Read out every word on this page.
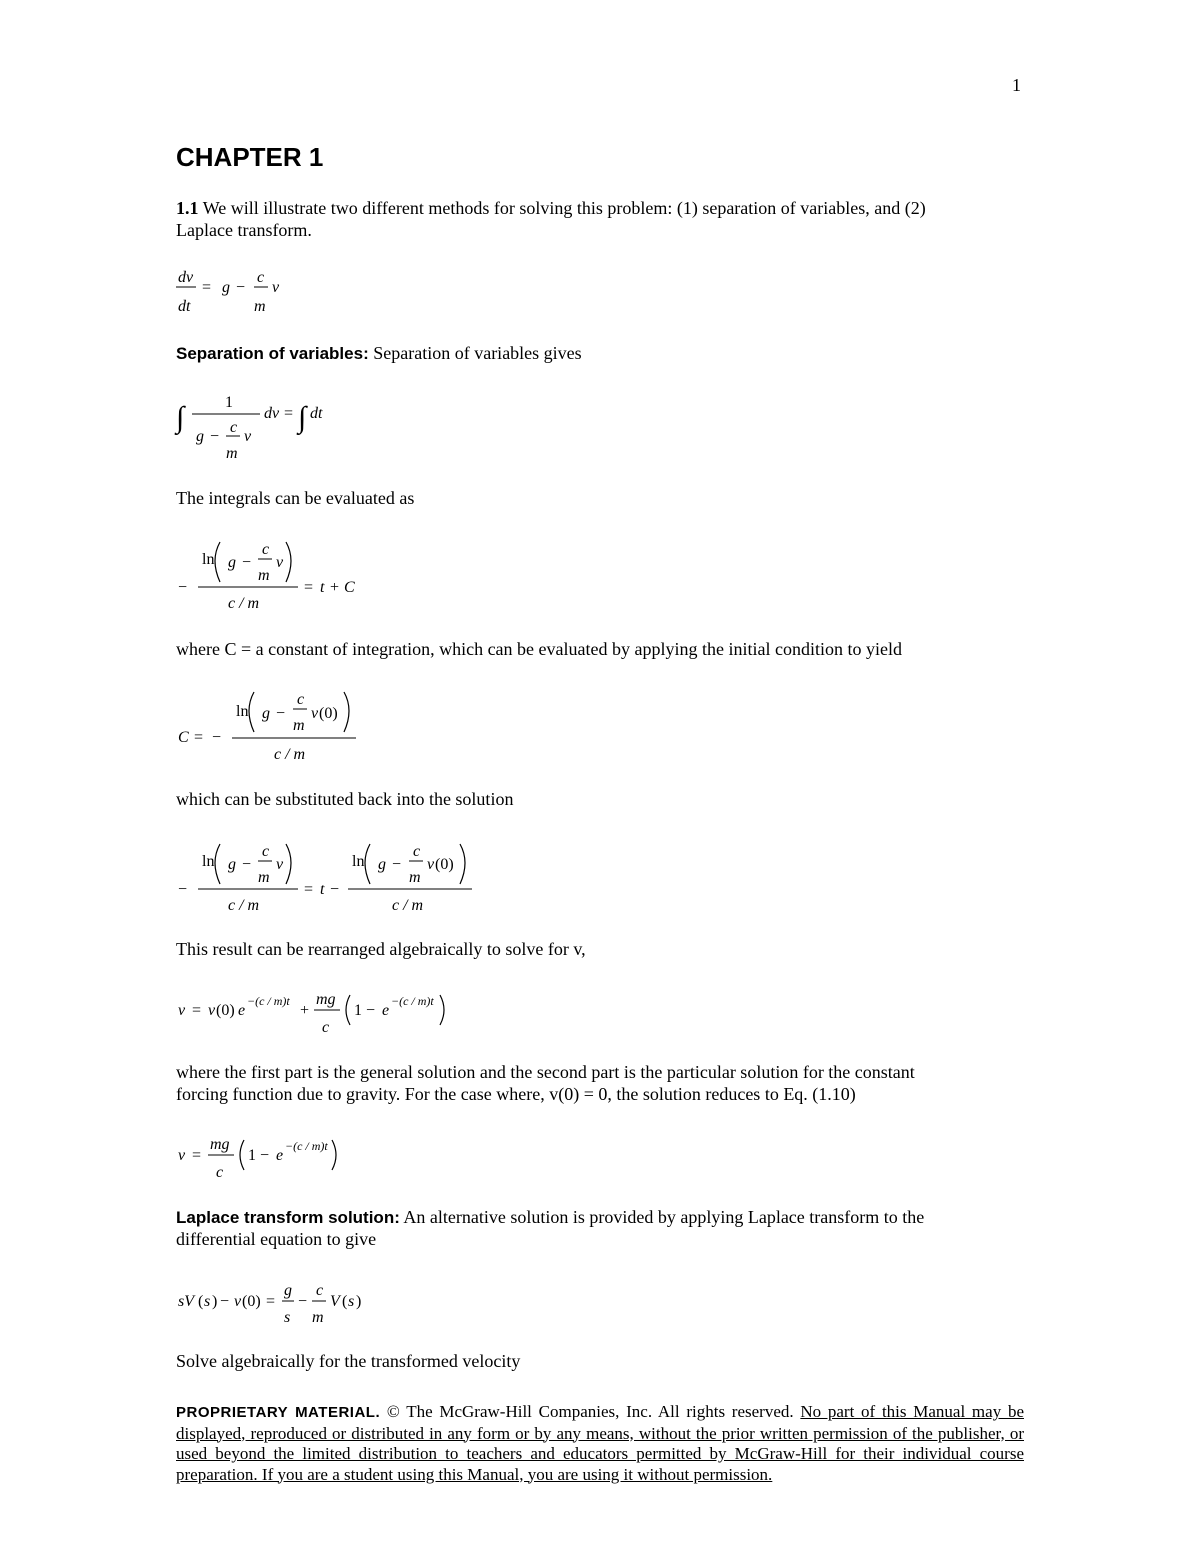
1
CHAPTER 1
1.1 We will illustrate two different methods for solving this problem: (1) separation of variables, and (2)
Laplace transform.
dv
dt
= g −
c
m
v
Separation of variables: Separation of variables gives
∫	1
g −
c
m
v
dv = ∫ dt
The integrals can be evaluated as
−
ln g −
c
m
v
c / m
= t + C
where C = a constant of integration, which can be evaluated by applying the initial condition to yield
C = −
ln g −
c
m
v (0)
c / m
which can be substituted back into the solution
−
ln g −
c
m
v
c / m
= t −
ln g −
c
m
v (0)
c / m
This result can be rearranged algebraically to solve for v,
v = v (0) e
−(c / m)t
+
mg
c
1 − e
−(c / m)t
where the first part is the general solution and the second part is the particular solution for the constant
forcing function due to gravity. For the case where, v(0) = 0, the solution reduces to Eq. (1.10)
v =
mg
c
1 − e
−(c / m)t
Laplace transform solution: An alternative solution is provided by applying Laplace transform to the
differential equation to give
sV ( s ) − v (0) =
g
s
−
c
m
V ( s )
Solve algebraically for the transformed velocity

PROPRIETARY MATERIAL. © The McGraw-Hill Companies, Inc. All rights reserved. No part of this Manual may be displayed, reproduced or distributed in any form or by any means, without the prior written permission of the publisher, or used beyond the limited distribution to teachers and educators permitted by McGraw-Hill for their individual course preparation. If you are a student using this Manual, you are using it without permission.
